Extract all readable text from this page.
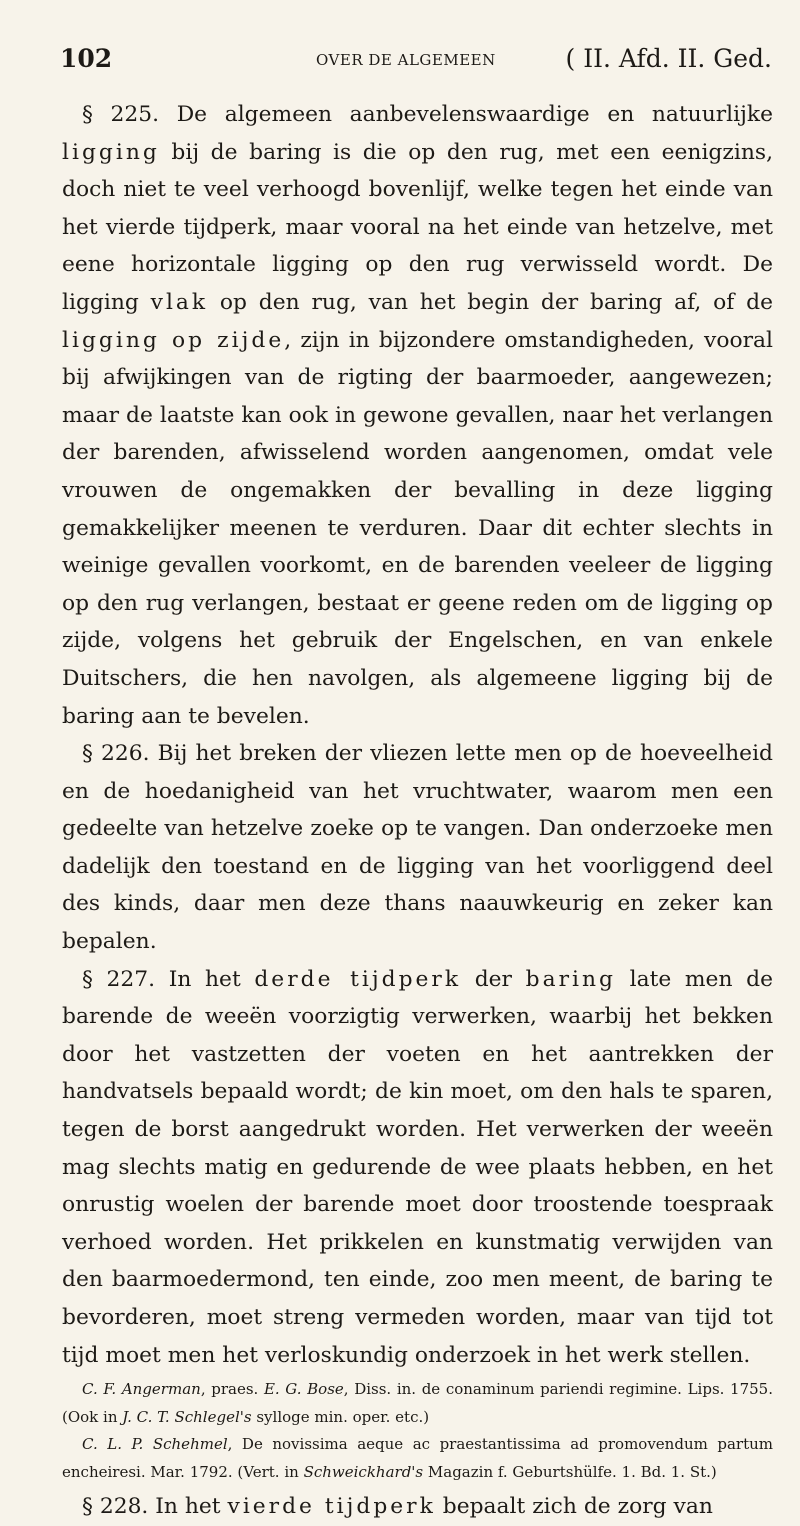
102	OVER DE ALGEMEEN	( II. Afd. II. Ged.

§ 225. De algemeen aanbevelenswaardige en natuurlijke ligging bij de baring is die op den rug, met een eenigzins, doch niet te veel verhoogd bovenlijf, welke tegen het einde van het vierde tijdperk, maar vooral na het einde van hetzelve, met eene horizontale ligging op den rug verwisseld wordt. De ligging vlak op den rug, van het begin der baring af, of de ligging op zijde, zijn in bijzondere omstandigheden, vooral bij afwijkingen van de rigting der baarmoeder, aangewezen; maar de laatste kan ook in gewone gevallen, naar het verlangen der barenden, afwisselend worden aangenomen, omdat vele vrouwen de ongemakken der bevalling in deze ligging gemakkelijker meenen te verduren. Daar dit echter slechts in weinige gevallen voorkomt, en de barenden veeleer de ligging op den rug verlangen, bestaat er geene reden om de ligging op zijde, volgens het gebruik der Engelschen, en van enkele Duitschers, die hen navolgen, als algemeene ligging bij de baring aan te bevelen.

§ 226. Bij het breken der vliezen lette men op de hoeveelheid en de hoedanigheid van het vruchtwater, waarom men een gedeelte van hetzelve zoeke op te vangen. Dan onderzoeke men dadelijk den toestand en de ligging van het voorliggend deel des kinds, daar men deze thans naauwkeurig en zeker kan bepalen.

§ 227. In het derde tijdperk der baring late men de barende de weeën voorzigtig verwerken, waarbij het bekken door het vastzetten der voeten en het aantrekken der handvatsels bepaald wordt; de kin moet, om den hals te sparen, tegen de borst aangedrukt worden. Het verwerken der weeën mag slechts matig en gedurende de wee plaats hebben, en het onrustig woelen der barende moet door troostende toespraak verhoed worden. Het prikkelen en kunstmatig verwijden van den baarmoedermond, ten einde, zoo men meent, de baring te bevorderen, moet streng vermeden worden, maar van tijd tot tijd moet men het verloskundig onderzoek in het werk stellen.

C. F. Angerman, praes. E. G. Bose, Diss. in. de conaminum pariendi regimine. Lips. 1755. (Ook in J. C. T. Schlegel's sylloge min. oper. etc.)

C. L. P. Schehmel, De novissima aeque ac praestantissima ad promovendum partum encheiresi. Mar. 1792. (Vert. in Schweickhard's Magazin f. Geburtshülfe. 1. Bd. 1. St.)

§ 228. In het vierde tijdperk bepaalt zich de zorg van
